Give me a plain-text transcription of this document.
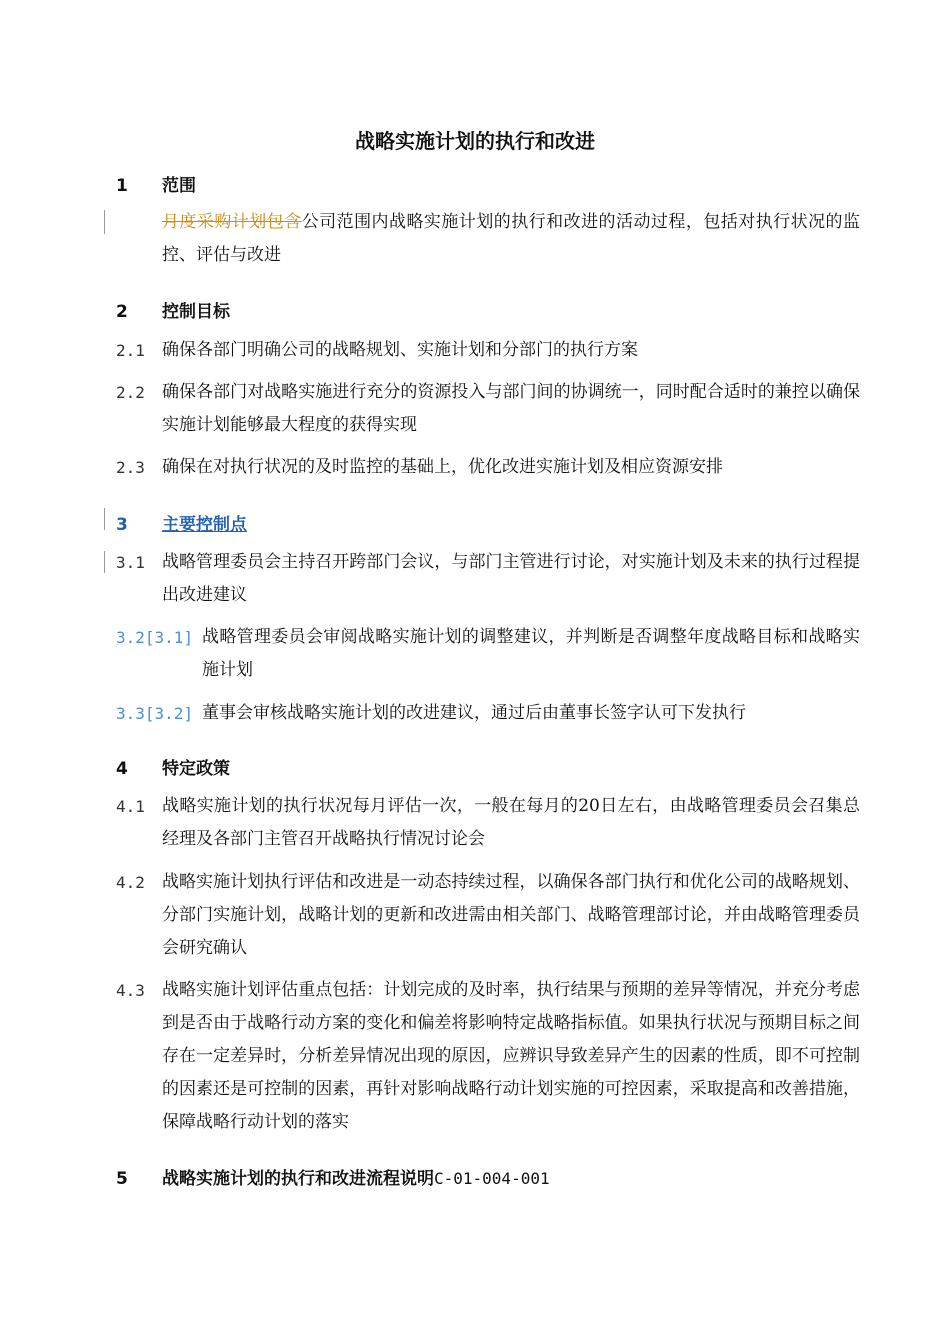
战略实施计划的执行和改进
1 范围
月度采购计划包含公司范围内战略实施计划的执行和改进的活动过程，包括对执行状况的监控、评估与改进
2 控制目标
2.1 确保各部门明确公司的战略规划、实施计划和分部门的执行方案
2.2 确保各部门对战略实施进行充分的资源投入与部门间的协调统一，同时配合适时的兼控以确保实施计划能够最大程度的获得实现
2.3 确保在对执行状况的及时监控的基础上，优化改进实施计划及相应资源安排
3 主要控制点
3.1 战略管理委员会主持召开跨部门会议，与部门主管进行讨论，对实施计划及未来的执行过程提出改进建议
3.2[3.1] 战略管理委员会审阅战略实施计划的调整建议，并判断是否调整年度战略目标和战略实施计划
3.3[3.2] 董事会审核战略实施计划的改进建议，通过后由董事长签字认可下发执行
4 特定政策
4.1 战略实施计划的执行状况每月评估一次，一般在每月的20日左右，由战略管理委员会召集总经理及各部门主管召开战略执行情况讨论会
4.2 战略实施计划执行评估和改进是一动态持续过程，以确保各部门执行和优化公司的战略规划、分部门实施计划，战略计划的更新和改进需由相关部门、战略管理部讨论，并由战略管理委员会研究确认
4.3 战略实施计划评估重点包括：计划完成的及时率，执行结果与预期的差异等情况，并充分考虑到是否由于战略行动方案的变化和偏差将影响特定战略指标值。如果执行状况与预期目标之间存在一定差异时，分析差异情况出现的原因，应辨识导致差异产生的因素的性质，即不可控制的因素还是可控制的因素，再针对影响战略行动计划实施的可控因素，采取提高和改善措施，保障战略行动计划的落实
5 战略实施计划的执行和改进流程说明C-01-004-001
